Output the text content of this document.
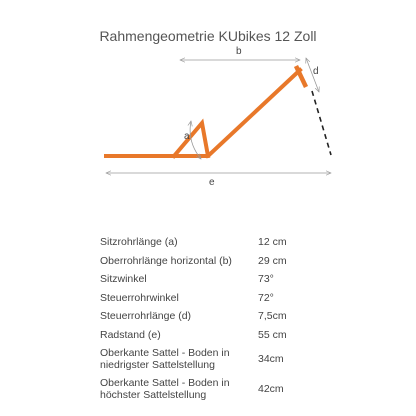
Rahmengeometrie KUbikes 12 Zoll
b
d
a
e
Sitzrohrlänge (a)	12 cm
Oberrohrlänge horizontal (b)	29 cm
Sitzwinkel	73°
Steuerrohrwinkel	72°
Steuerrohrlänge (d)	7,5cm
Radstand (e)	55 cm
Oberkante Sattel - Boden in niedrigster Sattelstellung	34cm
Oberkante Sattel - Boden in höchster Sattelstellung	42cm
